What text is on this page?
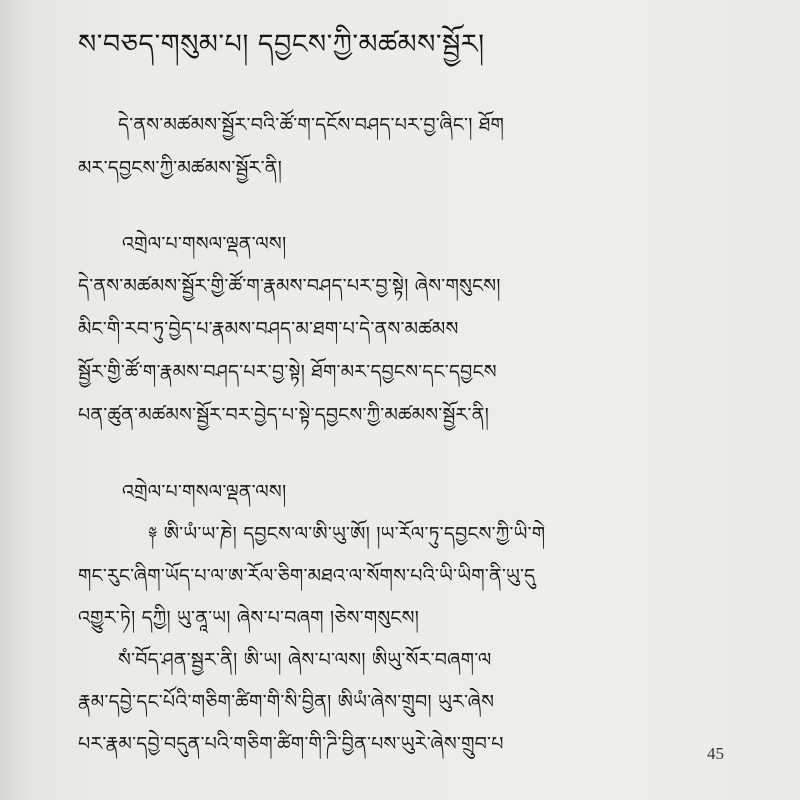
ས་བཅད་གསུམ་པ། དབྱངས་ཀྱི་མཚམས་སྦྱོར།
དེ་ནས་མཚམས་སྦྱོར་བའི་ཚོ་ག་དངོས་བཤད་པར་བྱ་ཞིང་། ཐོག
མར་དབྱངས་ཀྱི་མཚམས་སྦྱོར་ནི།
འགྲེལ་པ་གསལ་ལྡན་ལས།
དེ་ནས་མཚམས་སྦྱོར་གྱི་ཚོ་ག་རྣམས་བཤད་པར་བྱ་སྟེ། ཞེས་གསུངས།
མིང་གི་རབ་ཏུ་བྱེད་པ་རྣམས་བཤད་མ་ཐག་པ་དེ་ནས་མཚམས
སྦྱོར་གྱི་ཚོ་ག་རྣམས་བཤད་པར་བྱ་སྟེ། ཐོག་མར་དབྱངས་དང་དབྱངས
པན་ཚུན་མཚམས་སྦྱོར་བར་བྱེད་པ་སྟེ་དབྱངས་ཀྱི་མཚམས་སྦྱོར་ནི།
འགྲེལ་པ་གསལ་ལྡན་ལས།
༈ ཨི་ཡཾ་ཡ་ཎེ། དབྱངས་ལ་ཨི་ཡུ་ཨོ། །ཡ་རོལ་ཏུ་དབྱངས་ཀྱི་ཡི་གེ
གང་རུང་ཞིག་ཡོད་པ་ལ་ཨ་རོལ་ཅིག་མཐའ་ལ་སོགས་པའི་ཡི་ཡིག་ནི་ཡུ་དུ
འགྱུར་ཏེ། དཀྱི། ཡུ་ནཱ་ཡ། ཞེས་པ་བཞག །ཅེས་གསུངས།
སཾ་བོད་ཤན་སྦྱར་ནི། ཨི་ཡ། ཞེས་པ་ལས། ཨིཡུ་སོར་བཞག་ལ
རྣམ་དབྱེ་དང་པོའི་གཅིག་ཚིག་གི་སི་བྱིན། ཨིཡཾ་ཞེས་གྲུབ། ཡུར་ཞེས
པར་རྣམ་དབྱེ་བདུན་པའི་གཅིག་ཚིག་གི་ཌི་བྱིན་པས་ཡུརེ་ཞེས་གྲུབ་པ	45
